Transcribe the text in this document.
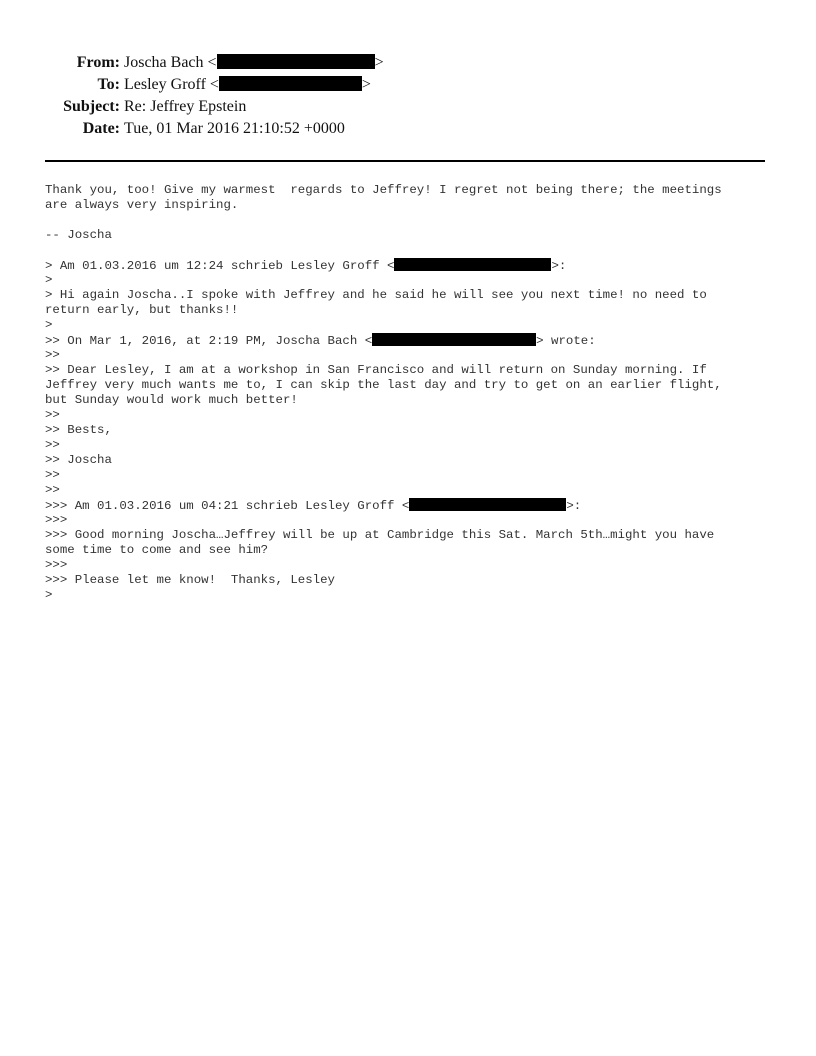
From: Joscha Bach <	>
To: Lesley Groff <	>
Subject: Re: Jeffrey Epstein
Date: Tue, 01 Mar 2016 21:10:52 +0000
Thank you, too! Give my warmest  regards to Jeffrey! I regret not being there; the meetings
are always very inspiring.
-- Joscha
> Am 01.03.2016 um 12:24 schrieb Lesley Groff <	>:
>
> Hi again Joscha..I spoke with Jeffrey and he said he will see you next time! no need to
return early, but thanks!!
>
>> On Mar 1, 2016, at 2:19 PM, Joscha Bach <	> wrote:
>>
>> Dear Lesley, I am at a workshop in San Francisco and will return on Sunday morning. If
Jeffrey very much wants me to, I can skip the last day and try to get on an earlier flight,
but Sunday would work much better!
>>
>> Bests,
>>
>> Joscha
>>
>>
>>> Am 01.03.2016 um 04:21 schrieb Lesley Groff <	>:
>>>
>>> Good morning Joscha…Jeffrey will be up at Cambridge this Sat. March 5th…might you have
some time to come and see him?
>>>
>>> Please let me know!  Thanks, Lesley
>
